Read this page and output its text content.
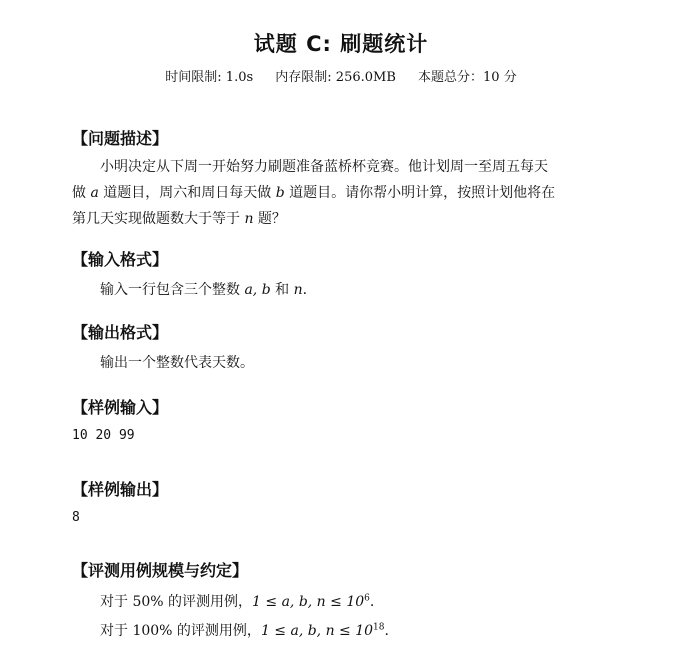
试题 C: 刷题统计
时间限制: 1.0s 内存限制: 256.0MB 本题总分：10 分
【问题描述】
小明决定从下周一开始努力刷题准备蓝桥杯竞赛。他计划周一至周五每天
做 a 道题目，周六和周日每天做 b 道题目。请你帮小明计算，按照计划他将在
第几天实现做题数大于等于 n 题？
【输入格式】
输入一行包含三个整数 a, b 和 n.
【输出格式】
输出一个整数代表天数。
【样例输入】
10 20 99
【样例输出】
8
【评测用例规模与约定】
对于 50% 的评测用例，1 ≤ a, b, $n \le 10^6$.
对于 100% 的评测用例，1 ≤ a, b, $n \le 10^{18}$.
